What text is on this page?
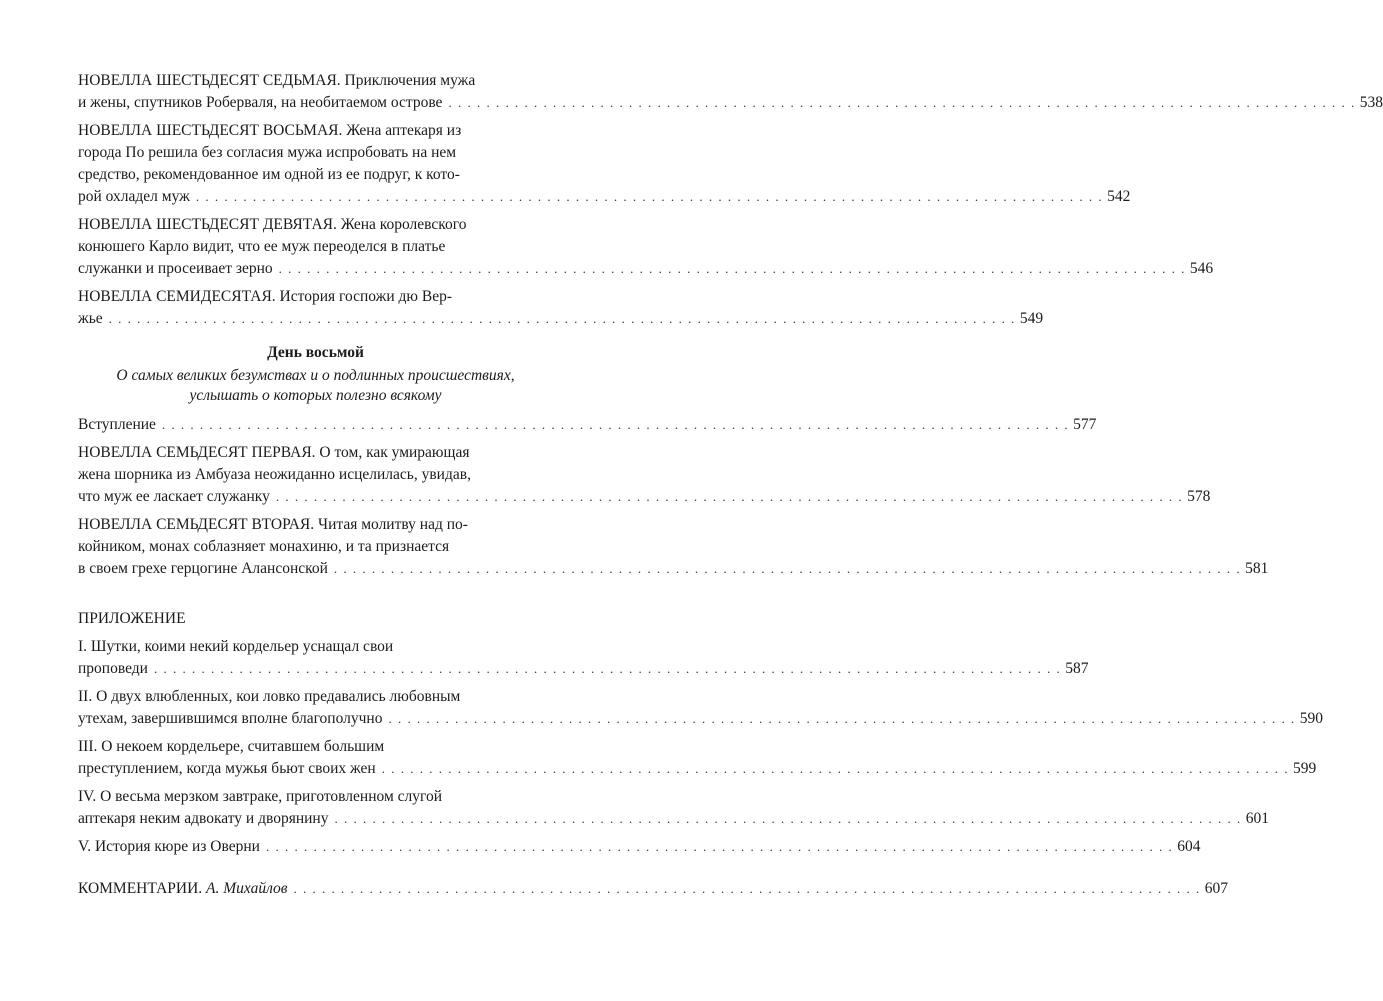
НОВЕЛЛА ШЕСТЬДЕСЯТ СЕДЬМАЯ. Приключения мужа
и жены, спутников Роберваля, на необитаемом острове . . .	538
НОВЕЛЛА ШЕСТЬДЕСЯТ ВОСЬМАЯ. Жена аптекаря из
города По решила без согласия мужа испробовать на нем
средство, рекомендованное им одной из ее подруг, к кото-
рой охладел муж . . .	542
НОВЕЛЛА ШЕСТЬДЕСЯТ ДЕВЯТАЯ. Жена королевского
конюшего Карло видит, что ее муж переоделся в платье
служанки и просеивает зерно . . .	546
НОВЕЛЛА СЕМИДЕСЯТАЯ. История госпожи дю Вер-
жье . . .	549
День восьмой
О самых великих безумствах и о подлинных происшествиях,
услышать о которых полезно всякому
Вступление . . .	577
НОВЕЛЛА СЕМЬДЕСЯТ ПЕРВАЯ. О том, как умирающая
жена шорника из Амбуаза неожиданно исцелилась, увидав,
что муж ее ласкает служанку . . .	578
НОВЕЛЛА СЕМЬДЕСЯТ ВТОРАЯ. Читая молитву над по-
койником, монах соблазняет монахиню, и та признается
в своем грехе герцогине Алансонской . . .	581
ПРИЛОЖЕНИЕ
I. Шутки, коими некий кордельер уснащал свои
проповеди . . .	587
II. О двух влюбленных, кои ловко предавались любовным
утехам, завершившимся вполне благополучно . . .	590
III. О некоем кордельере, считавшем большим
преступлением, когда мужья бьют своих жен . . .	599
IV. О весьма мерзком завтраке, приготовленном слугой
аптекаря неким адвокату и дворянину . . .	601
V. История кюре из Оверни . . .	604
КОММЕНТАРИИ. А. Михайлов . . .	607
